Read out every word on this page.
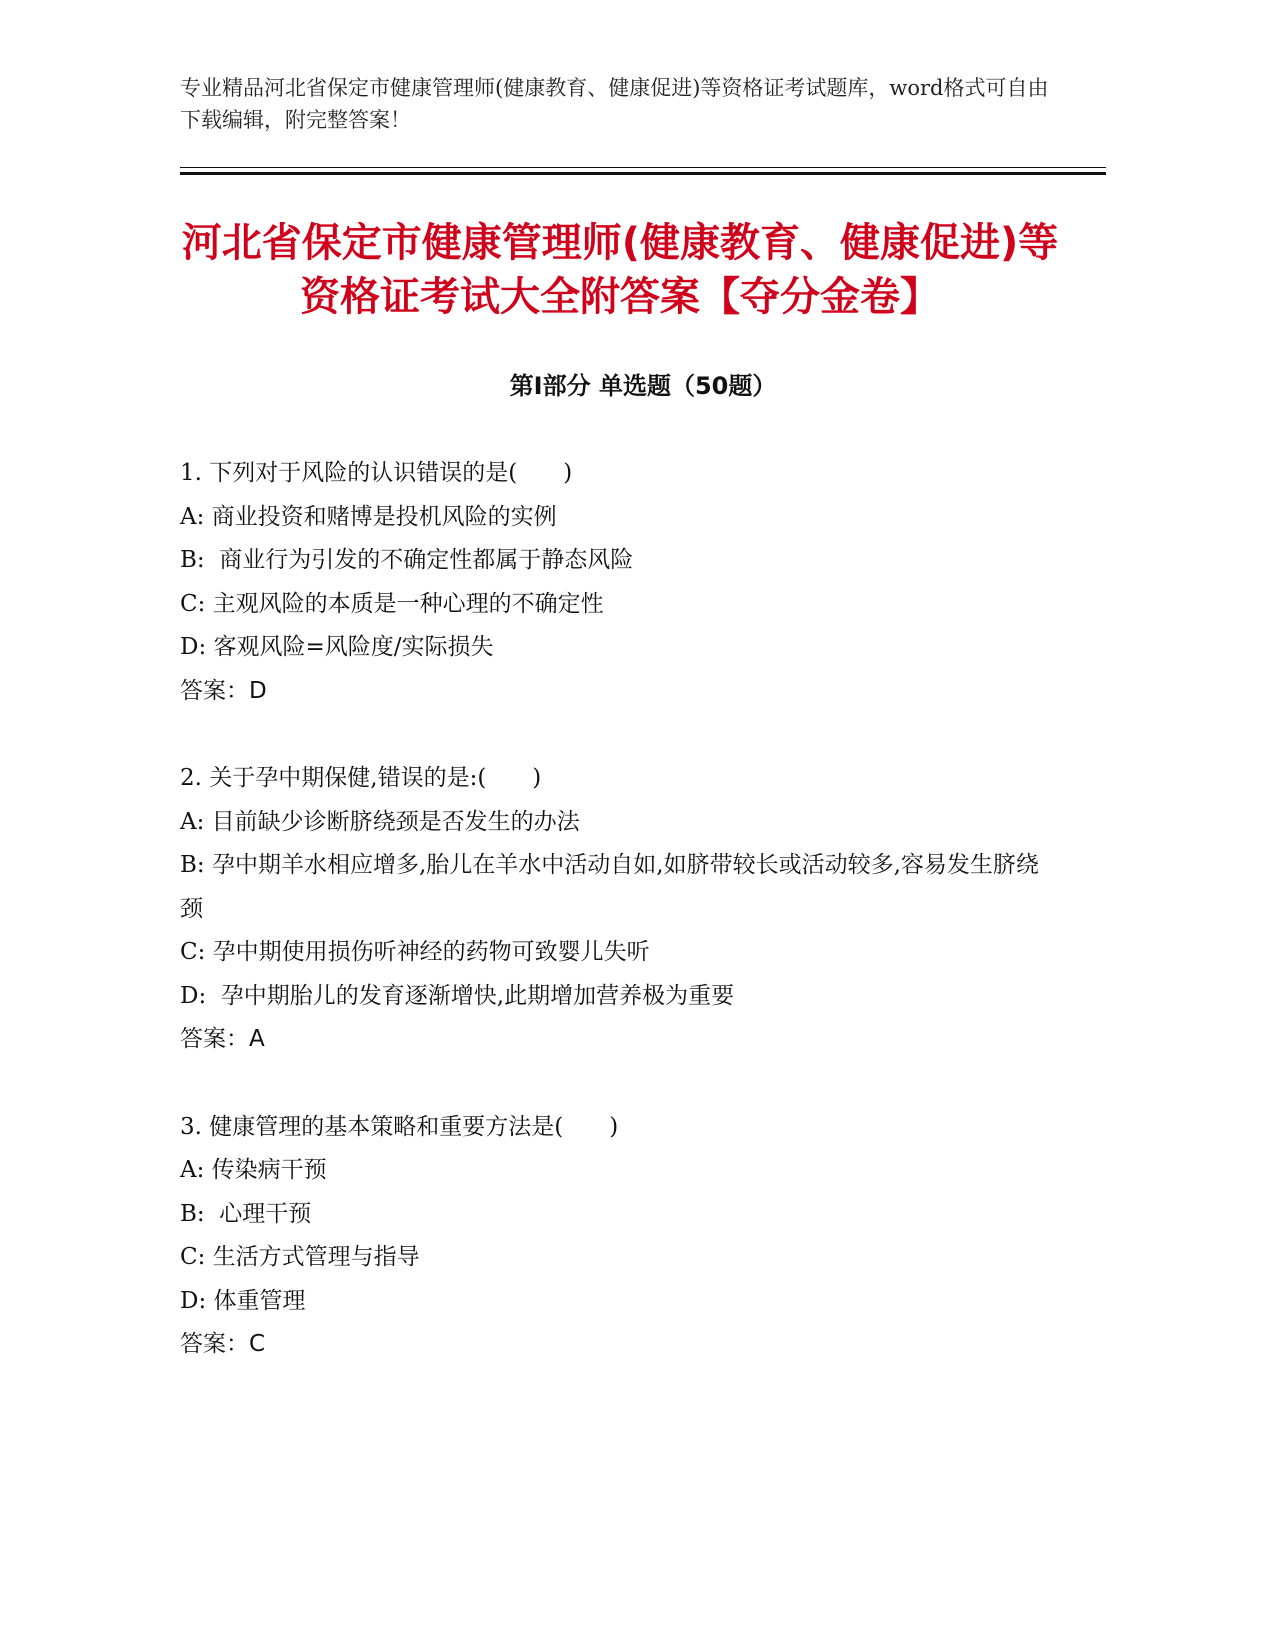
专业精品河北省保定市健康管理师(健康教育、健康促进)等资格证考试题库，word格式可自由下载编辑，附完整答案！
河北省保定市健康管理师(健康教育、健康促进)等资格证考试大全附答案【夺分金卷】
第Ⅰ部分 单选题（50题）
1. 下列对于风险的认识错误的是(　　)
A: 商业投资和赌博是投机风险的实例
B:  商业行为引发的不确定性都属于静态风险
C: 主观风险的本质是一种心理的不确定性
D: 客观风险=风险度/实际损失
答案：D
2. 关于孕中期保健,错误的是:(　　)
A: 目前缺少诊断脐绕颈是否发生的办法
B: 孕中期羊水相应增多,胎儿在羊水中活动自如,如脐带较长或活动较多,容易发生脐绕颈
C: 孕中期使用损伤听神经的药物可致婴儿失听
D:  孕中期胎儿的发育逐渐增快,此期增加营养极为重要
答案：A
3. 健康管理的基本策略和重要方法是(　　)
A: 传染病干预
B:  心理干预
C: 生活方式管理与指导
D: 体重管理
答案：C
